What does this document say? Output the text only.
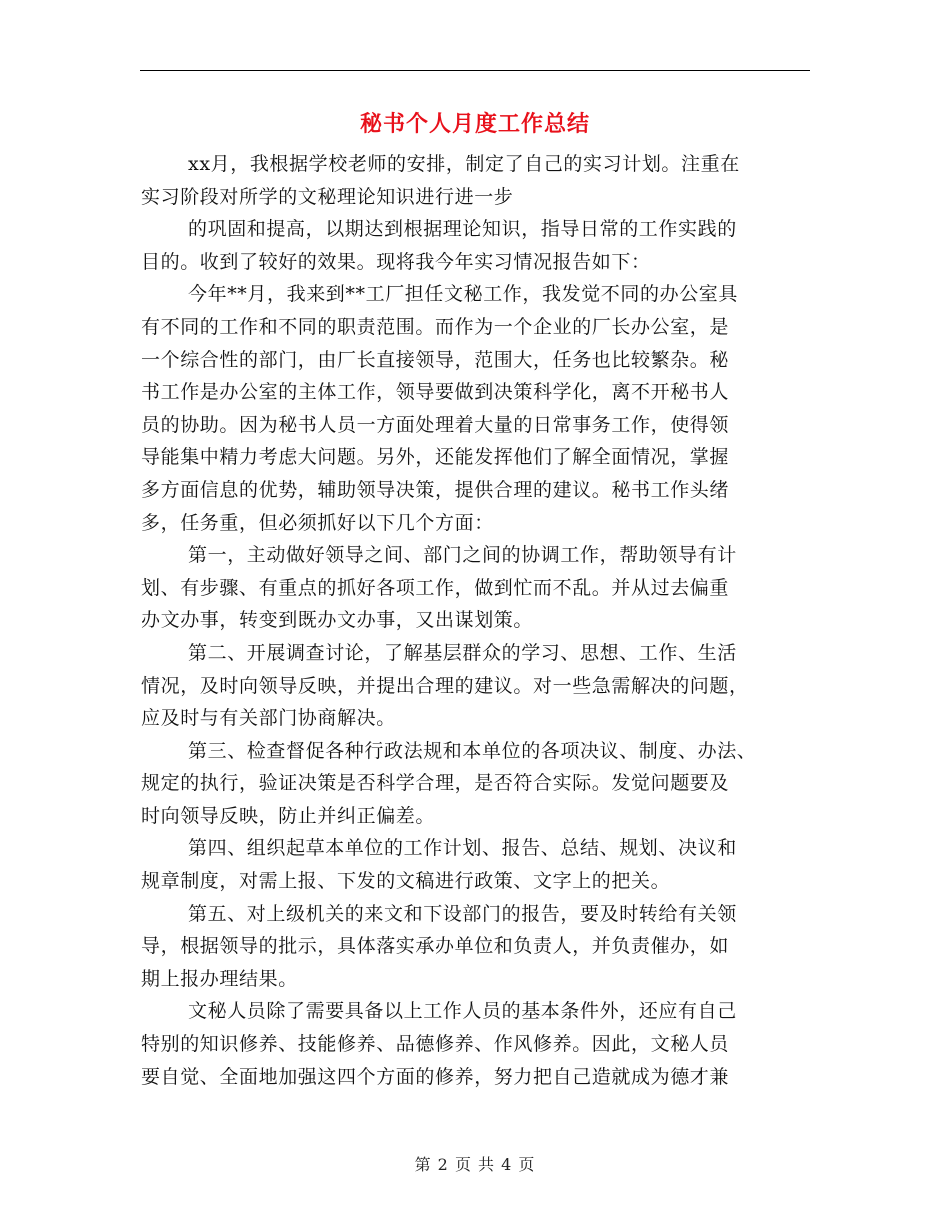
秘书个人月度工作总结
xx月，我根据学校老师的安排，制定了自己的实习计划。注重在
实习阶段对所学的文秘理论知识进行进一步
的巩固和提高，以期达到根据理论知识，指导日常的工作实践的
目的。收到了较好的效果。现将我今年实习情况报告如下：
今年**月，我来到**工厂担任文秘工作，我发觉不同的办公室具
有不同的工作和不同的职责范围。而作为一个企业的厂长办公室，是
一个综合性的部门，由厂长直接领导，范围大，任务也比较繁杂。秘
书工作是办公室的主体工作，领导要做到决策科学化，离不开秘书人
员的协助。因为秘书人员一方面处理着大量的日常事务工作，使得领
导能集中精力考虑大问题。另外，还能发挥他们了解全面情况，掌握
多方面信息的优势，辅助领导决策，提供合理的建议。秘书工作头绪
多，任务重，但必须抓好以下几个方面：
第一，主动做好领导之间、部门之间的协调工作，帮助领导有计
划、有步骤、有重点的抓好各项工作，做到忙而不乱。并从过去偏重
办文办事，转变到既办文办事，又出谋划策。
第二、开展调查讨论，了解基层群众的学习、思想、工作、生活
情况，及时向领导反映，并提出合理的建议。对一些急需解决的问题，
应及时与有关部门协商解决。
第三、检查督促各种行政法规和本单位的各项决议、制度、办法、
规定的执行，验证决策是否科学合理，是否符合实际。发觉问题要及
时向领导反映，防止并纠正偏差。
第四、组织起草本单位的工作计划、报告、总结、规划、决议和
规章制度，对需上报、下发的文稿进行政策、文字上的把关。
第五、对上级机关的来文和下设部门的报告，要及时转给有关领
导，根据领导的批示，具体落实承办单位和负责人，并负责催办，如
期上报办理结果。
文秘人员除了需要具备以上工作人员的基本条件外，还应有自己
特别的知识修养、技能修养、品德修养、作风修养。因此，文秘人员
要自觉、全面地加强这四个方面的修养，努力把自己造就成为德才兼
第 2 页 共 4 页
